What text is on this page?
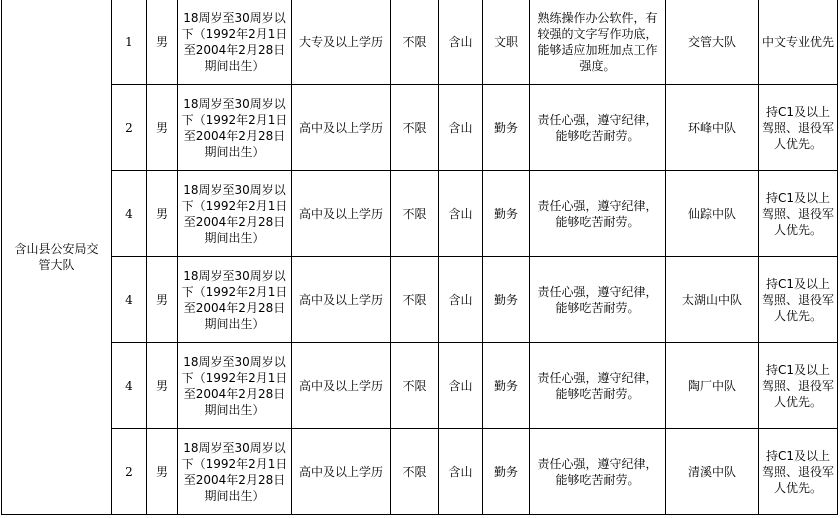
含山县公安局交管大队	1	男	18周岁至30周岁以下（1992年2月1日至2004年2月28日期间出生）	大专及以上学历	不限	含山	文职	熟练操作办公软件，有较强的文字写作功底，能够适应加班加点工作强度。	交管大队	中文专业优先
	2	男	18周岁至30周岁以下（1992年2月1日至2004年2月28日期间出生）	高中及以上学历	不限	含山	勤务	责任心强，遵守纪律，能够吃苦耐劳。	环峰中队	持C1及以上驾照、退役军人优先。
	4	男	18周岁至30周岁以下（1992年2月1日至2004年2月28日期间出生）	高中及以上学历	不限	含山	勤务	责任心强，遵守纪律，能够吃苦耐劳。	仙踪中队	持C1及以上驾照、退役军人优先。
	4	男	18周岁至30周岁以下（1992年2月1日至2004年2月28日期间出生）	高中及以上学历	不限	含山	勤务	责任心强，遵守纪律，能够吃苦耐劳。	太湖山中队	持C1及以上驾照、退役军人优先。
	4	男	18周岁至30周岁以下（1992年2月1日至2004年2月28日期间出生）	高中及以上学历	不限	含山	勤务	责任心强，遵守纪律，能够吃苦耐劳。	陶厂中队	持C1及以上驾照、退役军人优先。
	2	男	18周岁至30周岁以下（1992年2月1日至2004年2月28日期间出生）	高中及以上学历	不限	含山	勤务	责任心强，遵守纪律，能够吃苦耐劳。	清溪中队	持C1及以上驾照、退役军人优先。
